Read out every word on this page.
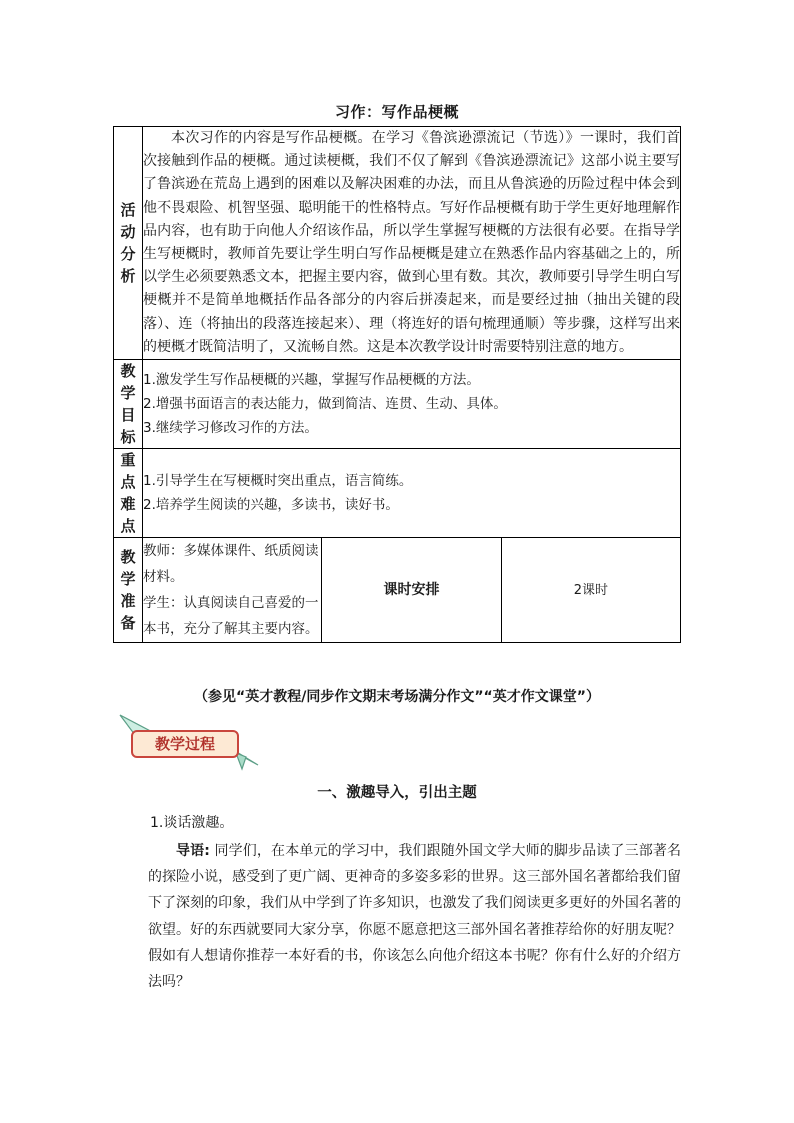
习作：写作品梗概
活动分析	本次习作的内容是写作品梗概。在学习《鲁滨逊漂流记（节选）》一课时，我们首次接触到作品的梗概。通过读梗概，我们不仅了解到《鲁滨逊漂流记》这部小说主要写了鲁滨逊在荒岛上遇到的困难以及解决困难的办法，而且从鲁滨逊的历险过程中体会到他不畏艰险、机智坚强、聪明能干的性格特点。写好作品梗概有助于学生更好地理解作品内容，也有助于向他人介绍该作品，所以学生掌握写梗概的方法很有必要。在指导学生写梗概时，教师首先要让学生明白写作品梗概是建立在熟悉作品内容基础之上的，所以学生必须要熟悉文本，把握主要内容，做到心里有数。其次，教师要引导学生明白写梗概并不是简单地概括作品各部分的内容后拼凑起来，而是要经过抽（抽出关键的段落）、连（将抽出的段落连接起来）、理（将连好的语句梳理通顺）等步骤，这样写出来的梗概才既简洁明了，又流畅自然。这是本次教学设计时需要特别注意的地方。		
教学目标	1.激发学生写作品梗概的兴趣，掌握写作品梗概的方法。
2.增强书面语言的表达能力，做到简洁、连贯、生动、具体。
3.继续学习修改习作的方法。		

重点难点	1.引导学生在写梗概时突出重点，语言简练。
2.培养学生阅读的兴趣，多读书，读好书。		

教学准备	教师：多媒体课件、纸质阅读材料。
学生：认真阅读自己喜爱的一本书，充分了解其主要内容。	课时安排	2课时
（参见“英才教程/同步作文期末考场满分作文”“英才作文课堂”）
教学过程
一、激趣导入，引出主题
1.谈话激趣。
导语: 同学们，在本单元的学习中，我们跟随外国文学大师的脚步品读了三部著名的探险小说，感受到了更广阔、更神奇的多姿多彩的世界。这三部外国名著都给我们留下了深刻的印象，我们从中学到了许多知识，也激发了我们阅读更多更好的外国名著的欲望。好的东西就要同大家分享，你愿不愿意把这三部外国名著推荐给你的好朋友呢？假如有人想请你推荐一本好看的书，你该怎么向他介绍这本书呢？你有什么好的介绍方法吗？
